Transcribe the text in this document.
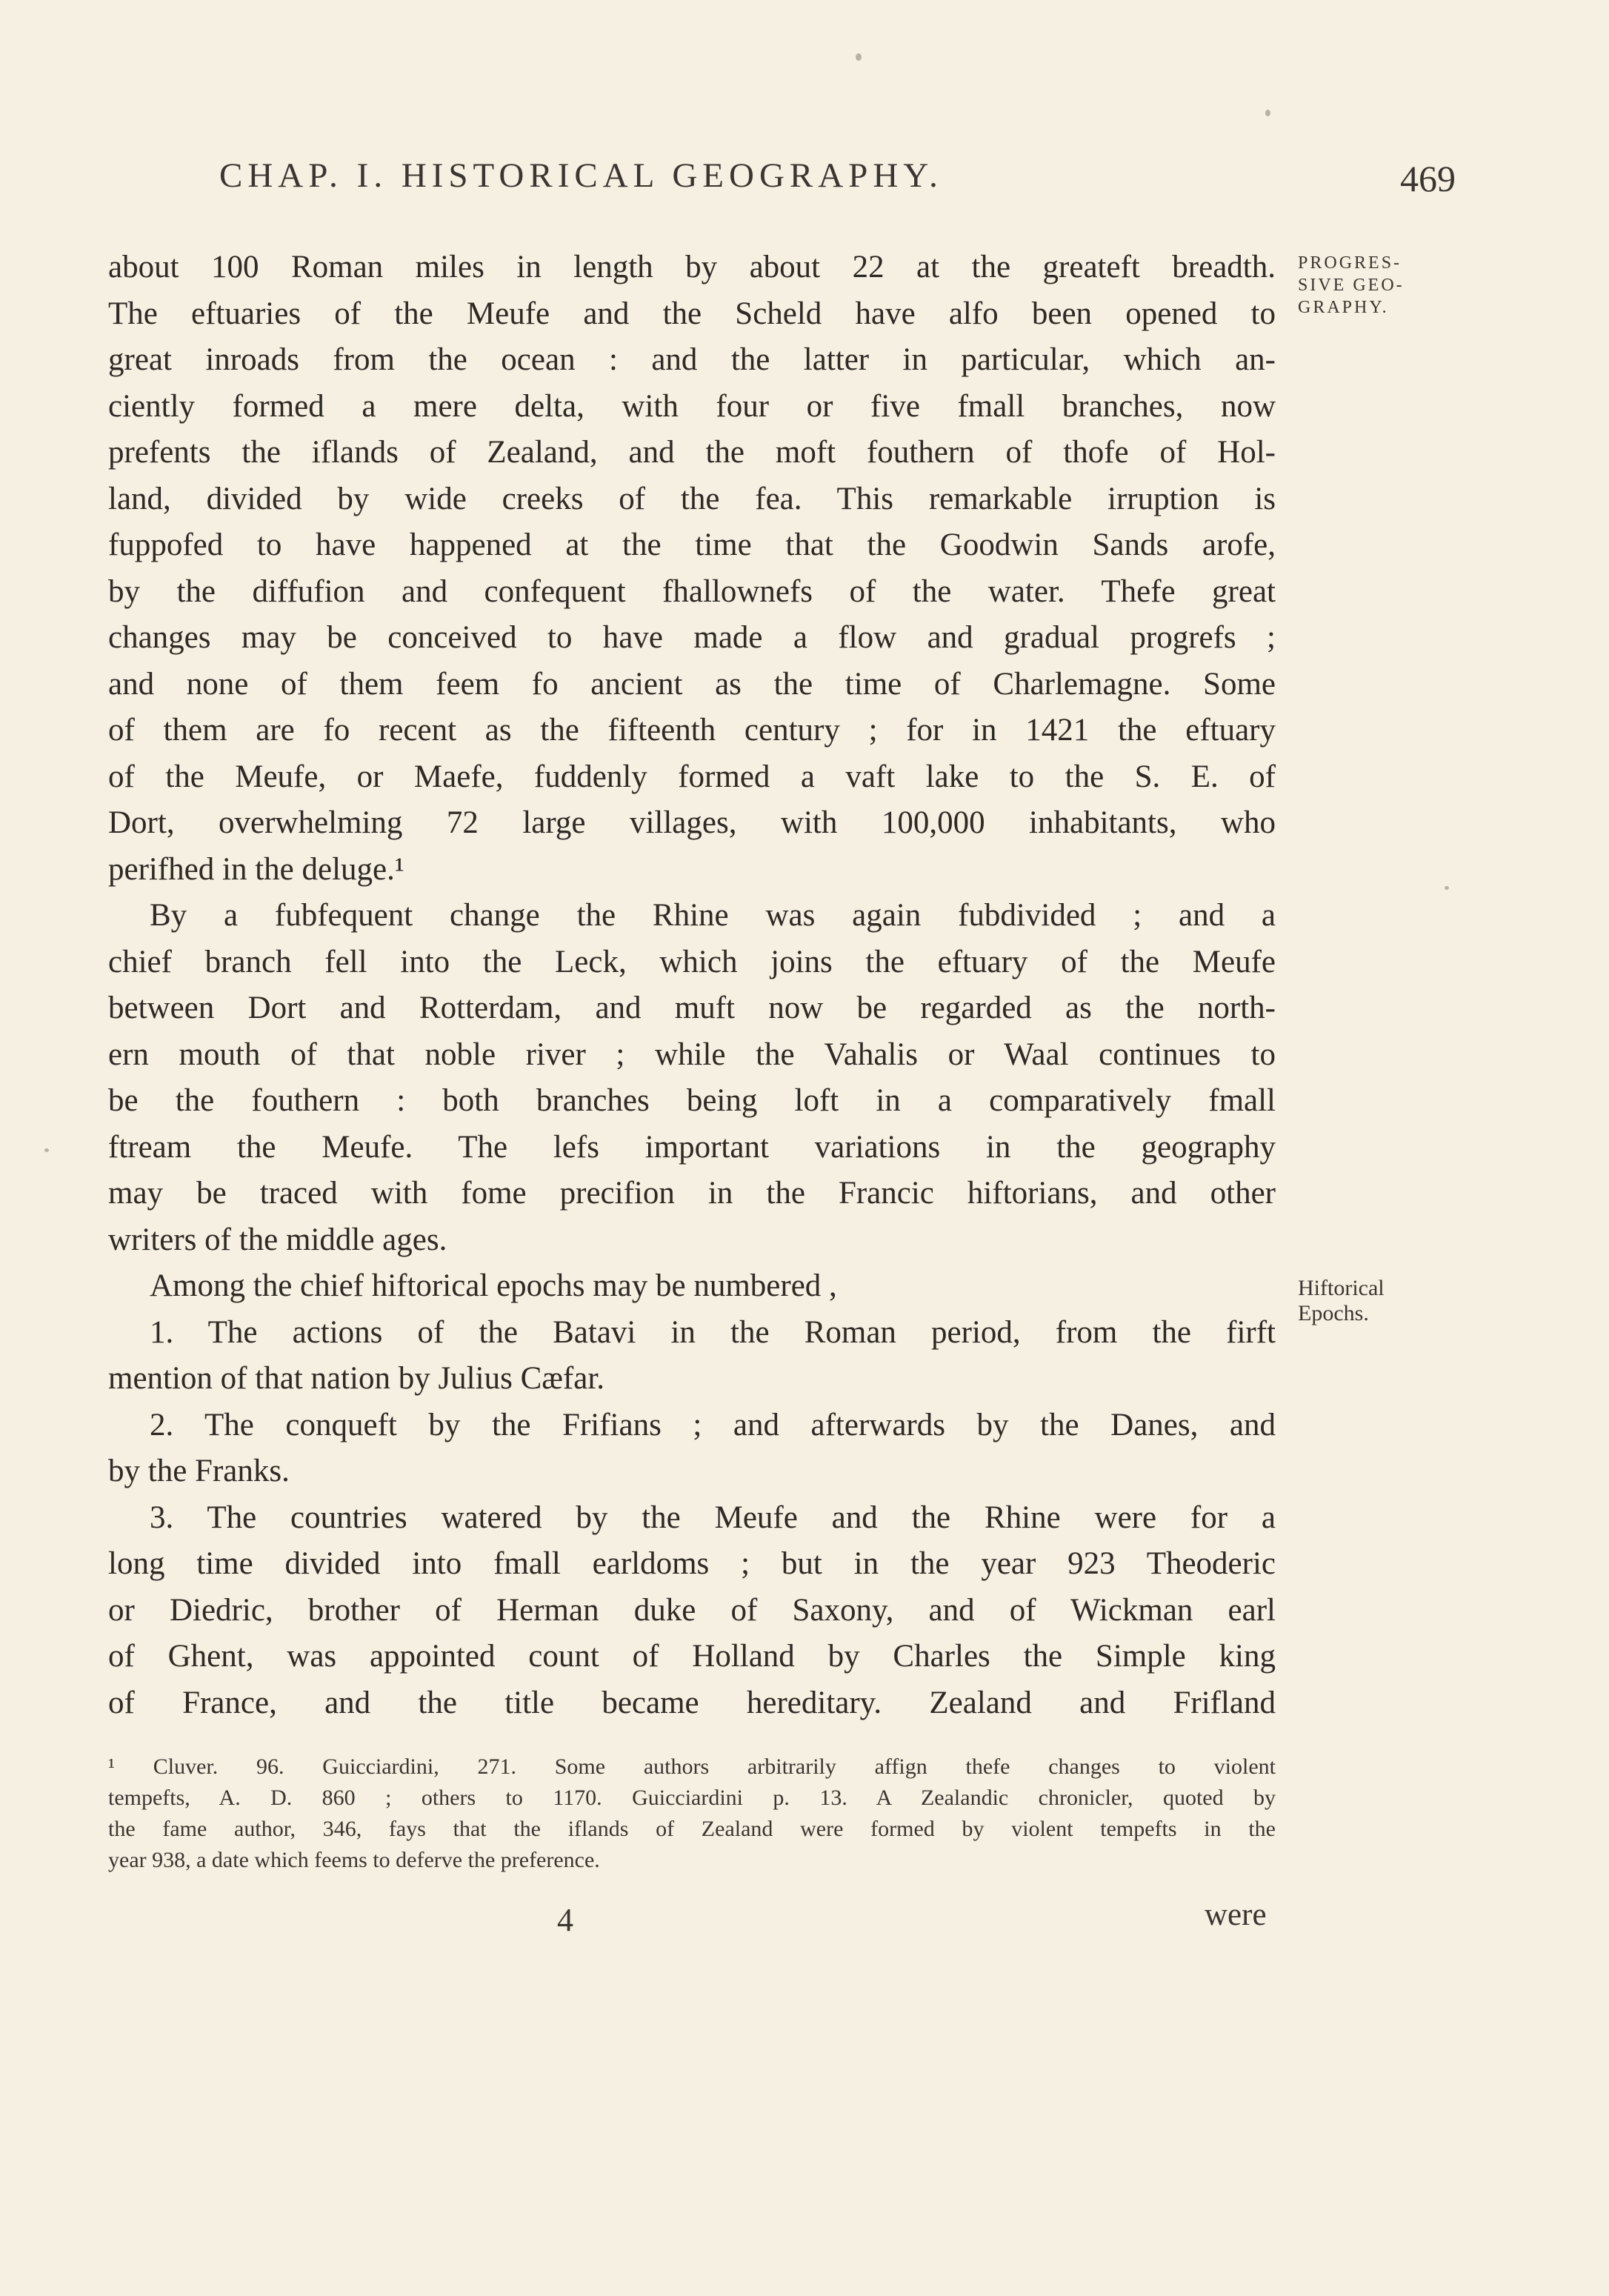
CHAP. I. HISTORICAL GEOGRAPHY.	469
about 100 Roman miles in length by about 22 at the greateft breadth.
The eftuaries of the Meufe and the Scheld have alfo been opened to
great inroads from the ocean : and the latter in particular, which an-
ciently formed a mere delta, with four or five fmall branches, now
prefents the iflands of Zealand, and the moft fouthern of thofe of Hol-
land, divided by wide creeks of the fea. This remarkable irruption is
fuppofed to have happened at the time that the Goodwin Sands arofe,
by the diffufion and confequent fhallownefs of the water. Thefe great
changes may be conceived to have made a flow and gradual progrefs ;
and none of them feem fo ancient as the time of Charlemagne. Some
of them are fo recent as the fifteenth century ; for in 1421 the eftuary
of the Meufe, or Maefe, fuddenly formed a vaft lake to the S. E. of
Dort, overwhelming 72 large villages, with 100,000 inhabitants, who
perifhed in the deluge.¹
By a fubfequent change the Rhine was again fubdivided ; and a
chief branch fell into the Leck, which joins the eftuary of the Meufe
between Dort and Rotterdam, and muft now be regarded as the north-
ern mouth of that noble river ; while the Vahalis or Waal continues to
be the fouthern : both branches being loft in a comparatively fmall
ftream the Meufe. The lefs important variations in the geography
may be traced with fome precifion in the Francic hiftorians, and other
writers of the middle ages.
Among the chief hiftorical epochs may be numbered ,
1. The actions of the Batavi in the Roman period, from the firft
mention of that nation by Julius Cæfar.
2. The conqueft by the Frifians ; and afterwards by the Danes, and
by the Franks.
3. The countries watered by the Meufe and the Rhine were for a
long time divided into fmall earldoms ; but in the year 923 Theoderic
or Diedric, brother of Herman duke of Saxony, and of Wickman earl
of Ghent, was appointed count of Holland by Charles the Simple king
of France, and the title became hereditary. Zealand and Frifland
PROGRES-
SIVE GEO-
GRAPHY.
Hiftorical
Epochs.
¹ Cluver. 96. Guicciardini, 271. Some authors arbitrarily affign thefe changes to violent
tempefts, A. D. 860 ; others to 1170. Guicciardini p. 13. A Zealandic chronicler, quoted by
the fame author, 346, fays that the iflands of Zealand were formed by violent tempefts in the
year 938, a date which feems to deferve the preference.
4	were
